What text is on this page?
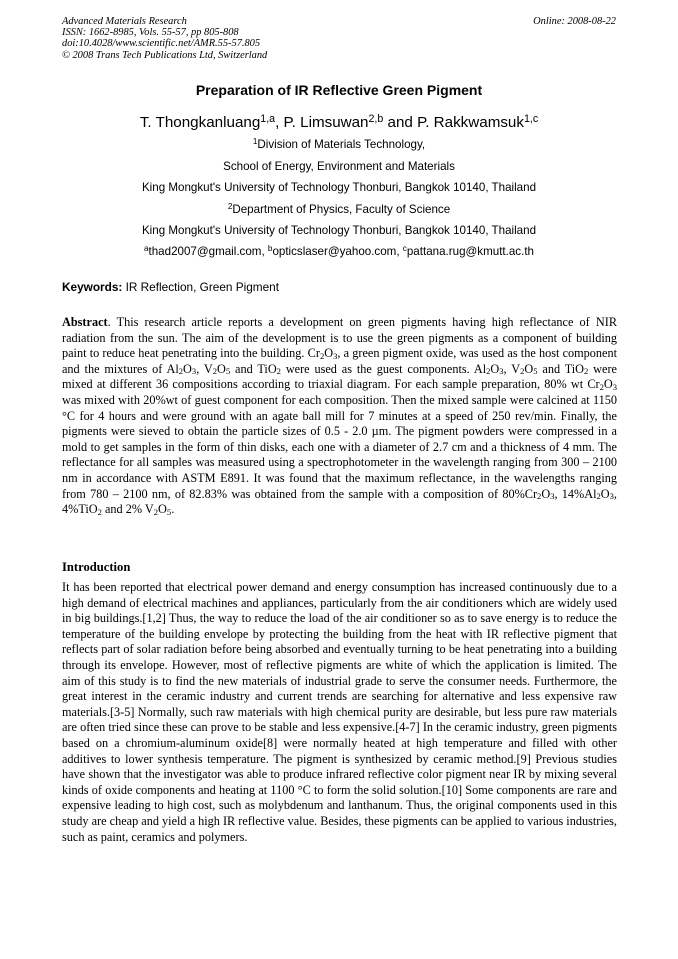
Advanced Materials Research
ISSN: 1662-8985, Vols. 55-57, pp 805-808
doi:10.4028/www.scientific.net/AMR.55-57.805
© 2008 Trans Tech Publications Ltd, Switzerland
Online: 2008-08-22
Preparation of IR Reflective Green Pigment
T. Thongkanluang$^{1,a}$, P. Limsuwan$^{2,b}$ and P. Rakkwamsuk$^{1,c}$
$^1$Division of Materials Technology,
School of Energy, Environment and Materials
King Mongkut's University of Technology Thonburi, Bangkok 10140, Thailand
$^2$Department of Physics, Faculty of Science
King Mongkut's University of Technology Thonburi, Bangkok 10140, Thailand
$^a$thad2007@gmail.com, $^b$opticslaser@yahoo.com, $^c$pattana.rug@kmutt.ac.th
Keywords: IR Reflection, Green Pigment
Abstract. This research article reports a development on green pigments having high reflectance of NIR radiation from the sun. The aim of the development is to use the green pigments as a component of building paint to reduce heat penetrating into the building. $Cr_2O_3$, a green pigment oxide, was used as the host component and the mixtures of $Al_2O_3$, $V_2O_5$ and TiO$_2$ were used as the guest components. $Al_2O_3$, $V_2O_5$ and TiO$_2$ were mixed at different 36 compositions according to triaxial diagram. For each sample preparation, 80% wt $Cr_2O_3$ was mixed with 20%wt of guest component for each composition. Then the mixed sample were calcined at 1150 °C for 4 hours and were ground with an agate ball mill for 7 minutes at a speed of 250 rev/min. Finally, the pigments were sieved to obtain the particle sizes of 0.5 - 2.0 µm. The pigment powders were compressed in a mold to get samples in the form of thin disks, each one with a diameter of 2.7 cm and a thickness of 4 mm. The reflectance for all samples was measured using a spectrophotometer in the wavelength ranging from 300 – 2100 nm in accordance with ASTM E891. It was found that the maximum reflectance, in the wavelengths ranging from 780 – 2100 nm, of 82.83% was obtained from the sample with a composition of $80\%Cr_2O_3$, $14\%Al_2O_3$, 4%TiO$_2$ and 2% $V_2O_5$.
Introduction
It has been reported that electrical power demand and energy consumption has increased continuously due to a high demand of electrical machines and appliances, particularly from the air conditioners which are widely used in big buildings.[1,2] Thus, the way to reduce the load of the air conditioner so as to save energy is to reduce the temperature of the building envelope by protecting the building from the heat with IR reflective pigment that reflects part of solar radiation before being absorbed and eventually turning to be heat penetrating into a building through its envelope. However, most of reflective pigments are white of which the application is limited. The aim of this study is to find the new materials of industrial grade to serve the consumer needs. Furthermore, the great interest in the ceramic industry and current trends are searching for alternative and less expensive raw materials.[3-5] Normally, such raw materials with high chemical purity are desirable, but less pure raw materials are often tried since these can prove to be stable and less expensive.[4-7] In the ceramic industry, green pigments based on a chromium-aluminum oxide[8] were normally heated at high temperature and filled with other additives to lower synthesis temperature. The pigment is synthesized by ceramic method.[9] Previous studies have shown that the investigator was able to produce infrared reflective color pigment near IR by mixing several kinds of oxide components and heating at 1100 °C to form the solid solution.[10] Some components are rare and expensive leading to high cost, such as molybdenum and lanthanum. Thus, the original components used in this study are cheap and yield a high IR reflective value. Besides, these pigments can be applied to various industries, such as paint, ceramics and polymers.
